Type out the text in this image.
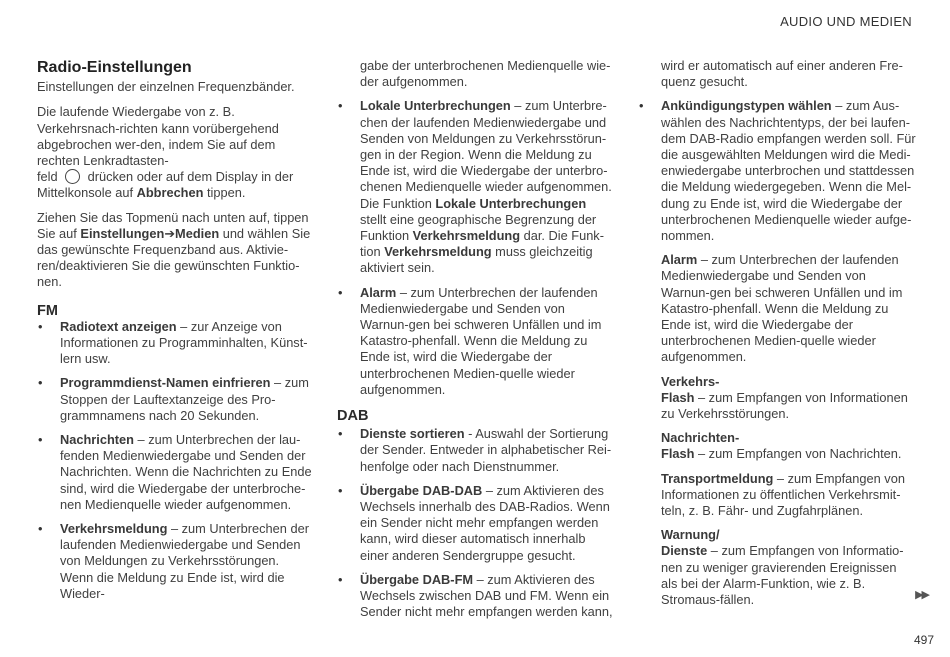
AUDIO UND MEDIEN
Radio-Einstellungen
Einstellungen der einzelnen Frequenzbänder.

Die laufende Wiedergabe von z. B. Verkehrsnach-richten kann vorübergehend abgebrochen wer-den, indem Sie auf dem rechten Lenkradtasten-
feld drücken oder auf dem Display in der Mittelkonsole auf Abbrechen tippen.

Ziehen Sie das Topmenü nach unten auf, tippen Sie auf Einstellungen➔Medien und wählen Sie das gewünschte Frequenzband aus. Aktivie-ren/deaktivieren Sie die gewünschten Funktio-nen.

FM
• Radiotext anzeigen – zur Anzeige von Informationen zu Programminhalten, Künst-lern usw.
• Programmdienst-Namen einfrieren – zum Stoppen der Lauftextanzeige des Pro-grammnamens nach 20 Sekunden.
• Nachrichten – zum Unterbrechen der lau-fenden Medienwiedergabe und Senden der Nachrichten. Wenn die Nachrichten zu Ende sind, wird die Wiedergabe der unterbroche-nen Medienquelle wieder aufgenommen.
• Verkehrsmeldung – zum Unterbrechen der laufenden Medienwiedergabe und Senden von Meldungen zu Verkehrsstörungen. Wenn die Meldung zu Ende ist, wird die Wieder-
gabe der unterbrochenen Medienquelle wie-der aufgenommen.
• Lokale Unterbrechungen – zum Unterbre-chen der laufenden Medienwiedergabe und Senden von Meldungen zu Verkehrsstörun-gen in der Region. Wenn die Meldung zu Ende ist, wird die Wiedergabe der unterbro-chenen Medienquelle wieder aufgenommen. Die Funktion Lokale Unterbrechungen stellt eine geographische Begrenzung der Funktion Verkehrsmeldung dar. Die Funk-tion Verkehrsmeldung muss gleichzeitig aktiviert sein.
• Alarm – zum Unterbrechen der laufenden Medienwiedergabe und Senden von Warnun-gen bei schweren Unfällen und im Katastro-phenfall. Wenn die Meldung zu Ende ist, wird die Wiedergabe der unterbrochenen Medien-quelle wieder aufgenommen.
DAB
• Dienste sortieren - Auswahl der Sortierung der Sender. Entweder in alphabetischer Rei-henfolge oder nach Dienstnummer.
• Übergabe DAB-DAB – zum Aktivieren des Wechsels innerhalb des DAB-Radios. Wenn ein Sender nicht mehr empfangen werden kann, wird dieser automatisch innerhalb einer anderen Sendergruppe gesucht.
• Übergabe DAB-FM – zum Aktivieren des Wechsels zwischen DAB und FM. Wenn ein Sender nicht mehr empfangen werden kann,
wird er automatisch auf einer anderen Fre-quenz gesucht.
• Ankündigungstypen wählen – zum Aus-wählen des Nachrichtentyps, der bei laufen-dem DAB-Radio empfangen werden soll. Für die ausgewählten Meldungen wird die Medi-enwiedergabe unterbrochen und stattdessen die Meldung wiedergegeben. Wenn die Mel-dung zu Ende ist, wird die Wiedergabe der unterbrochenen Medienquelle wieder aufge-nommen.
Alarm – zum Unterbrechen der laufenden Medienwiedergabe und Senden von Warnun-gen bei schweren Unfällen und im Katastro-phenfall. Wenn die Meldung zu Ende ist, wird die Wiedergabe der unterbrochenen Medien-quelle wieder aufgenommen.
Verkehrs-
Flash – zum Empfangen von Informationen zu Verkehrsstörungen.
Nachrichten-
Flash – zum Empfangen von Nachrichten.
Transportmeldung – zum Empfangen von Informationen zu öffentlichen Verkehrsmit-teln, z. B. Fähr- und Zugfahrplänen.
Warnung/
Dienste – zum Empfangen von Informatio-nen zu weniger gravierenden Ereignissen als bei der Alarm-Funktion, wie z. B. Stromaus-fällen.	▶▶
497
